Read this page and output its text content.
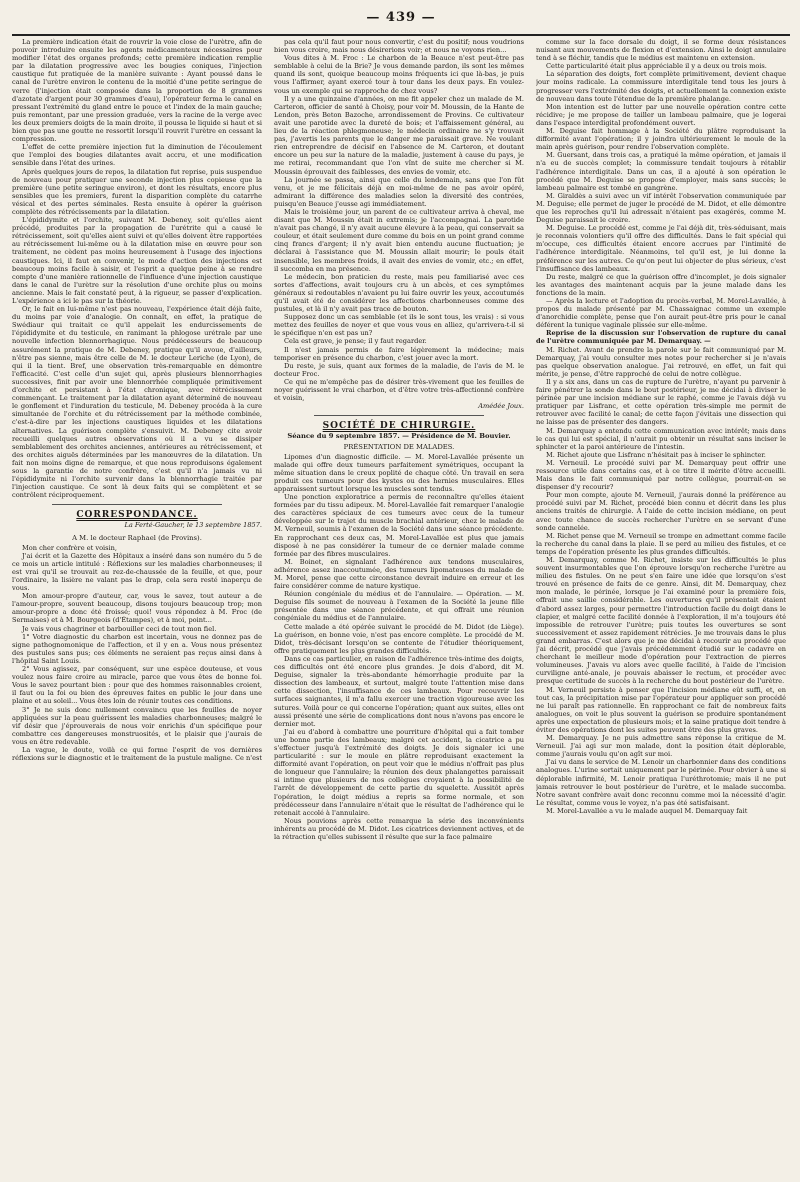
— 439 —

La première indication était de rouvrir la voie close de l'urètre, afin de pouvoir introduire ensuite les agents médicamenteux nécessaires pour modifier l'état des organes profonds; cette première indication remplie par la dilatation progressive avec les bougies coniques, l'injection caustique fut pratiquée de la manière suivante : Ayant poussé dans le canal de l'urètre environ le contenu de la moitié d'une petite seringue de verre (l'injection était composée dans la proportion de 8 grammes d'azotate d'argent pour 30 grammes d'eau), l'opérateur ferma le canal en pressant l'extrémité du gland entre le pouce et l'index de la main gauche; puis remontant, par une pression graduée, vers la racine de la verge avec les deux premiers doigts de la main droite, il poussa le liquide si haut et si bien que pas une goutte ne ressortit lorsqu'il rouvrit l'urètre en cessant la compression.

L'effet de cette première injection fut la diminution de l'écoulement que l'emploi des bougies dilatantes avait accru, et une modification sensible dans l'état des urines.

Après quelques jours de repos, la dilatation fut reprise, puis suspendue de nouveau pour pratiquer une seconde injection plus copieuse que la première (une petite seringue environ), et dont les résultats, encore plus sensibles que les premiers, furent la disparition complète du catarrhe vésical et des pertes séminales. Resta ensuite à opérer la guérison complète des rétrécissements par la dilatation.

L'épididymite et l'orchite, suivant M. Debeney, soit qu'elles aient précédé, produites par la propagation de l'urétrite qui a causé le rétrécissement, soit qu'elles aient suivi et qu'elles doivent être rapportées au rétrécissement lui-même ou à la dilatation mise en œuvre pour son traitement, ne cèdent pas moins heureusement à l'usage des injections caustiques. Ici, il faut en convenir, le mode d'action des injections est beaucoup moins facile à saisir, et l'esprit a quelque peine à se rendre compte d'une manière rationnelle de l'influence d'une injection caustique dans le canal de l'urètre sur la résolution d'une orchite plus ou moins ancienne. Mais le fait constaté peut, à la rigueur, se passer d'explication. L'expérience a ici le pas sur la théorie.

Or, le fait en lui-même n'est pas nouveau, l'expérience était déjà faite, du moins par voie d'analogie. On connaît, en effet, la pratique de Swédiaur qui traitait ce qu'il appelait les endurcissements de l'épididymite et du testicule, en ranimant la phlogose urétrale par une nouvelle infection blennorrhagique. Nous prédécesseurs de beaucoup assurément la pratique de M. Debeney, pratique qu'il avoue, d'ailleurs, n'être pas sienne, mais être celle de M. le docteur Leriche (de Lyon), de qui il la tient. Bref, une observation très-remarquable en démontre l'efficacité. C'est celle d'un sujet qui, après plusieurs blennorrhagies successives, finit par avoir une blennorrhée compliquée primitivement d'orchite et persistant à l'état chronique, avec rétrécissement commençant. Le traitement par la dilatation ayant déterminé de nouveau le gonflement et l'induration du testicule, M. Debeney procéda à la cure simultanée de l'orchite et du rétrécissement par la méthode combinée, c'est-à-dire par les injections caustiques liquides et les dilatations alternatives. La guérison complète s'ensuivit. M. Debeney cite avoir recueilli quelques autres observations où il a vu se dissiper semblablement des orchites anciennes, antérieures au rétrécissement, et des orchites aiguës déterminées par les manœuvres de la dilatation. Un fait non moins digne de remarque, et que nous reproduisons également sous la garantie de notre confrère, c'est qu'il n'a jamais vu ni l'épididymite ni l'orchite survenir dans la blennorrhagie traitée par l'injection caustique. Ce sont là deux faits qui se complètent et se contrôlent réciproquement.

CORRESPONDANCE.
La Ferté-Gaucher, le 13 septembre 1857.
A M. le docteur Raphael (de Provins).

Mon cher confrère et voisin,

J'ai écrit et la Gazette des Hôpitaux a inséré dans son numéro du 5 de ce mois un article intitulé : Réflexions sur les maladies charbonneuses; il est vrai qu'il se trouvait au rez-de-chaussée de la feuille, et que, pour l'ordinaire, la lisière ne valant pas le drap, cela sera resté inaperçu de vous.

Mon amour-propre d'auteur, car, vous le savez, tout auteur a de l'amour-propre, souvent beaucoup, disons toujours beaucoup trop; mon amour-propre a donc été froissé; quoi! vous répondez à M. Froc (de Sermaises) et à M. Bourgeois (d'Étampes), et à moi, point...

Je vais vous chagriner et barbouiller ceci de tout mon fiel.

1° Votre diagnostic du charbon est incertain, vous ne donnez pas de signe pathognomonique de l'affection, et il y en a. Vous nous présentez des pustules sans pus; ces éléments ne seraient pas reçus ainsi dans à l'hôpital Saint Louis.

2° Vous agissez, par conséquent, sur une espèce douteuse, et vous voulez nous faire croire au miracle, parce que vous êtes de bonne foi. Vous le savez pourtant bien : pour que des hommes raisonnables croient, il faut ou la foi ou bien des épreuves faites en public le jour dans une plaine et au soleil... Vous êtes loin de réunir toutes ces conditions.

3° Je ne suis donc nullement convaincu que les feuilles de noyer appliquées sur la peau guérissent les maladies charbonneuses; malgré le vif désir que j'éprouverais de nous voir enrichis d'un spécifique pour combattre ces dangereuses monstruosités, et le plaisir que j'aurais de vous en être redevable.

La vague, le doute, voilà ce qui forme l'esprit de vos dernières réflexions sur le diagnostic et le traitement de la pustule maligne. Ce n'est

pas cela qu'il faut pour nous convertir, c'est du positif; nous voudrions bien vous croire, mais nous désirerions voir; et nous ne voyons rien...

Vous dites à M. Froc : Le charbon de la Beauce n'est peut-être pas semblable à celui de la Brie? Je vous demande pardon, ils sont les mêmes quand ils sont, quoique beaucoup moins fréquents ici que là-bas, je puis vous l'affirmer, ayant exercé tour à tour dans les deux pays. En voulez-vous un exemple qui se rapproche de chez vous?

Il y a une quinzaine d'années, on me fit appeler chez un malade de M. Carteron, officier de santé à Choisy, pour voir M. Moussin, de la Hante de Lendon, près Beton Bazoche, arrondissement de Provins. Ce cultivateur avait une parotide avec la dureté de bois; et l'affaissement général, au lieu de la réaction phlegmoneuse; le médecin ordinaire ne s'y trouvait pas, j'avertis les parents que le danger me paraissait grave. Ne voulant rien entreprendre de décisif en l'absence de M. Carteron, et doutant encore un peu sur la nature de la maladie, justement à cause du pays, je me retirai, recommandant que l'on vînt de suite me chercher si M. Moussin éprouvait des faiblesses, des envies de vomir, etc.

La journée se passa, ainsi que celle du lendemain, sans que l'on fût venu, et je me félicitais déjà en moi-même de ne pas avoir opéré, admirant la différence des maladies selon la diversité des contrées, puisqu'en Beauce j'eusse agi immédiatement.

Mais le troisième jour, un parent de ce cultivateur arriva à cheval, me disant que M. Moussin était in extremis; je l'accompagnai. La parotide n'avait pas changé, il n'y avait aucune élevure à la peau, qui conservait sa couleur, et était seulement dure comme du bois en un point grand comme cinq francs d'argent; il n'y avait bien entendu aucune fluctuation; je déclarai à l'assistance que M. Moussin allait mourir; le pouls était insensible, les membres froids, il avait des envies de vomir, etc.; en effet, il succomba en ma présence.

Le médecin, bon praticien du reste, mais peu familiarisé avec ces sortes d'affections, avait toujours cru à un abcès, et ces symptômes généraux si redoutables n'avaient pu lui faire ouvrir les yeux, accoutumés qu'il avait été de considérer les affections charbonneuses comme des pustules, et là il n'y avait pas trace de bouton.

Supposez donc un cas semblable (et ils le sont tous, les vrais) : si vous mettez des feuilles de noyer et que vous vous en alliez, qu'arrivera-t-il si le spécifique n'en est pas un?

Cela est grave, je pense; il y faut regarder.

Il n'est jamais permis de faire légèrement la médecine; mais temporiser en présence du charbon, c'est jouer avec la mort.

Du reste, je suis, quant aux formes de la maladie, de l'avis de M. le docteur Froc.

Ce qui ne m'empêche pas de désirer très-vivement que les feuilles de noyer guérissent le vrai charbon, et d'être votre très-affectionné confrère et voisin,

Amédée Joux.
SOCIÉTÉ DE CHIRURGIE.
Séance du 9 septembre 1857. — Présidence de M. Bouvier.
PRÉSENTATION DE MALADES.

Lipomes d'un diagnostic difficile. — M. Morel-Lavallée présente un malade qui offre deux tumeurs parfaitement symétriques, occupant la même situation dans le creux poplité de chaque côté. Un travail en sera produit ces tumeurs pour des kystes ou des hernies musculaires. Elles apparaissent surtout lorsque les muscles sont tendus.

Une ponction exploratrice a permis de reconnaître qu'elles étaient formées par du tissu adipeux. M. Morel-Lavallée fait remarquer l'analogie des caractères spéciaux de ces tumeurs avec ceux de la tumeur développée sur le trajet du muscle brachial antérieur, chez le malade de M. Verneuil, soumis à l'examen de la Société dans une séance précédente. En rapprochant ces deux cas, M. Morel-Lavallée est plus que jamais disposé à ne pas considérer la tumeur de ce dernier malade comme formée par des fibres musculaires.

M. Boinet, en signalant l'adhérence aux tendons musculaires, adhérence assez inaccoutumée, des tumeurs lipomateuses du malade de M. Morel, pense que cette circonstance devrait induire en erreur et les faire considérer comme de nature kystique.

Réunion congéniale du médius et de l'annulaire. — Opération. — M. Deguise fils soumet de nouveau à l'examen de la Société la jeune fille présentée dans une séance précédente, et qui offrait une réunion congéniale du médius et de l'annulaire.

Cette malade a été opérée suivant le procédé de M. Didot (de Liège). La guérison, en bonne voie, n'est pas encore complète. Le procédé de M. Didot, très-décisant lorsqu'on se contente de l'étudier théoriquement, offre pratiquement les plus grandes difficultés.

Dans ce cas particulier, en raison de l'adhérence très-intime des doigts, ces difficultés ont été encore plus grandes. Je dois d'abord, dit M. Deguise, signaler la très-abondante hémorrhagie produite par la dissection des lambeaux, et surtout, malgré toute l'attention mise dans cette dissection, l'insuffisance de ces lambeaux. Pour recouvrir les surfaces saignantes, il m'a fallu exercer une traction vigoureuse avec les sutures. Voilà pour ce qui concerne l'opération; quant aux suites, elles ont aussi présenté une série de complications dont nous n'avons pas encore le dernier mot.

J'ai eu d'abord à combattre une pourriture d'hôpital qui a fait tomber une bonne partie des lambeaux; malgré cet accident, la cicatrice a pu s'effectuer jusqu'à l'extrémité des doigts. Je dois signaler ici une particularité : sur le moule en plâtre reproduisant exactement la difformité avant l'opération, on peut voir que le médius n'offrait pas plus de longueur que l'annulaire; la réunion des deux phalangettes paraissait si intime que plusieurs de nos collègues croyaient à la possibilité de l'arrêt de développement de cette partie du squelette. Aussitôt après l'opération, le doigt médius a repris sa forme normale, et son prédécesseur dans l'annulaire n'était que le résultat de l'adhérence qui le retenait accolé à l'annulaire.

Nous pouvions après cette remarque la série des inconvénients inhérents au procédé de M. Didot. Les cicatrices deviennent actives, et de la rétraction qu'elles subissent il résulte que sur la face palmaire

comme sur la face dorsale du doigt, il se forme deux résistances nuisant aux mouvements de flexion et d'extension. Ainsi le doigt annulaire tend à se fléchir, tandis que le médius est maintenu en extension.

Cette particularité était plus appréciable il y a deux ou trois mois.

La séparation des doigts, fort complète primitivement, devient chaque jour moins radicale. La commissure interdigitale tend tous les jours à progresser vers l'extrémité des doigts, et actuellement la connexion existe de nouveau dans toute l'étendue de la première phalange.

Mon intention est de lutter par une nouvelle opération contre cette récidive; je me propose de tailler un lambeau palmaire, que je logerai dans l'espace interdigital profondément ouvert.

M. Deguise fait hommage à la Société du plâtre reproduisant la difformité avant l'opération; il y joindra ultérieurement le moule de la main après guérison, pour rendre l'observation complète.

M. Guersant, dans trois cas, a pratiqué la même opération, et jamais il n'a eu de succès complet; la commissure tendait toujours à rétablir l'adhérence interdigitale. Dans un cas, il a ajouté à son opération le procédé que M. Deguise se propose d'employer, mais sans succès; le lambeau palmaire est tombé en gangrène.

M. Giraldès a suivi avec un vif intérêt l'observation communiquée par M. Deguise; elle permet de juger le procédé de M. Didot, et elle démontre que les reproches qu'il lui adressait n'étaient pas exagérés, comme M. Deguise paraissait le croire.

M. Deguise. Le procédé est, comme je l'ai déjà dit, très-séduisant, mais je reconnais volontiers qu'il offre des difficultés. Dans le fait spécial qui m'occupe, ces difficultés étaient encore accrues par l'intimité de l'adhérence interdigitale. Néanmoins, tel qu'il est, je lui donne la préférence sur les autres. Ce qu'on peut lui objecter de plus sérieux, c'est l'insuffisance des lambeaux.

Du reste, malgré ce que la guérison offre d'incomplet, je dois signaler les avantages des maintenant acquis par la jeune malade dans les fonctions de la main.

— Après la lecture et l'adoption du procès-verbal, M. Morel-Lavallée, à propos du malade présenté par M. Chassaignac comme un exemple d'anorchidie complète, pense que l'on aurait peut-être pris pour le canal déférent la tunique vaginale plissée sur elle-même.

Reprise de la discussion sur l'observation de rupture du canal de l'urètre communiquée par M. Demarquay. —

M. Richet. Avant de prendre la parole sur le fait communiqué par M. Demarquay, j'ai voulu consulter mes notes pour rechercher si je n'avais pas quelque observation analogue. J'ai retrouvé, en effet, un fait qui mérite, je pense, d'être rapproché de celui de notre collègue.

Il y a six ans, dans un cas de rupture de l'urètre, n'ayant pu parvenir à faire pénétrer la sonde dans le bout postérieur, je me décidai à diviser le périnée par une incision médiane sur le raphé, comme je l'avais déjà vu pratiquer par Lisfranc, et cette opération très-simple me permit de retrouver avec facilité le canal; de cette façon j'évitais une dissection qui ne laisse pas de présenter des dangers.

M. Demarquay a entendu cette communication avec intérêt; mais dans le cas qui lui est spécial, il n'aurait pu obtenir un résultat sans inciser le sphincter et la paroi antérieure de l'intestin.

M. Richet ajoute que Lisfranc n'hésitait pas à inciser le sphincter.

M. Verneuil. Le procédé suivi par M. Demarquay peut offrir une ressource utile dans certains cas, et à ce titre il mérite d'être accueilli. Mais dans le fait communiqué par notre collègue, pourrait-on se dispenser d'y recourir?

Pour mon compte, ajoute M. Verneuil, j'aurais donné la préférence au procédé suivi par M. Richet, procédé bien connu et décrit dans les plus anciens traités de chirurgie. A l'aide de cette incision médiane, on peut avec toute chance de succès rechercher l'urètre en se servant d'une sonde cannelée.

M. Richet pense que M. Verneuil se trompe en admettant comme facile la recherche du canal dans la plaie. Il se perd au milieu des fistules, et ce temps de l'opération présente les plus grandes difficultés.

M. Demarquay, comme M. Richet, insiste sur les difficultés le plus souvent insurmontables que l'on éprouve lorsqu'on recherche l'urètre au milieu des fistules. On ne peut s'en faire une idée que lorsqu'on s'est trouvé en présence de faits de ce genre. Ainsi, dit M. Demarquay, chez mon malade, le périnée, lorsque je l'ai examiné pour la première fois, offrait une saillie considérable. Les ouvertures qu'il présentait étaient d'abord assez larges, pour permettre l'introduction facile du doigt dans le clapier, et malgré cette facilité donnée à l'exploration, il m'a toujours été impossible de retrouver l'urètre; puis toutes les ouvertures se sont successivement et assez rapidement rétrécies. Je me trouvais dans le plus grand embarras. C'est alors que je me décidai à recourir au procédé que j'ai décrit, procédé que j'avais précédemment étudié sur le cadavre en cherchant le meilleur mode d'opération pour l'extraction de pierres volumineuses. J'avais vu alors avec quelle facilité, à l'aide de l'incision curviligne anté-anale, je pouvais abaisser le rectum, et procéder avec presque certitude de succès à la recherche du bout postérieur de l'urètre.

M. Verneuil persiste à penser que l'incision médiane eût suffi, et, en tout cas, la précipitation mise par l'opérateur pour appliquer son procédé ne lui paraît pas rationnelle. En rapprochant ce fait de nombreux faits analogues, on voit le plus souvent la guérison se produire spontanément après une expectation de plusieurs mois; et la saine pratique doit tendre à éviter des opérations dont les suites peuvent être des plus graves.

M. Demarquay. Je ne puis admettre sans réponse la critique de M. Verneuil. J'ai agi sur mon malade, dont la position était déplorable, comme j'aurais voulu qu'on agît sur moi.

J'ai vu dans le service de M. Lenoir un charbonnier dans des conditions analogues. L'urine sortait uniquement par le périnée. Pour obvier à une si déplorable infirmité, M. Lenoir pratiqua l'uréthrotomie; mais il ne put jamais retrouver le bout postérieur de l'urètre, et le malade succomba. Notre savant confrère avait donc reconnu comme moi la nécessité d'agir. Le résultat, comme vous le voyez, n'a pas été satisfaisant.

M. Morel-Lavallée a vu le malade auquel M. Demarquay fait
